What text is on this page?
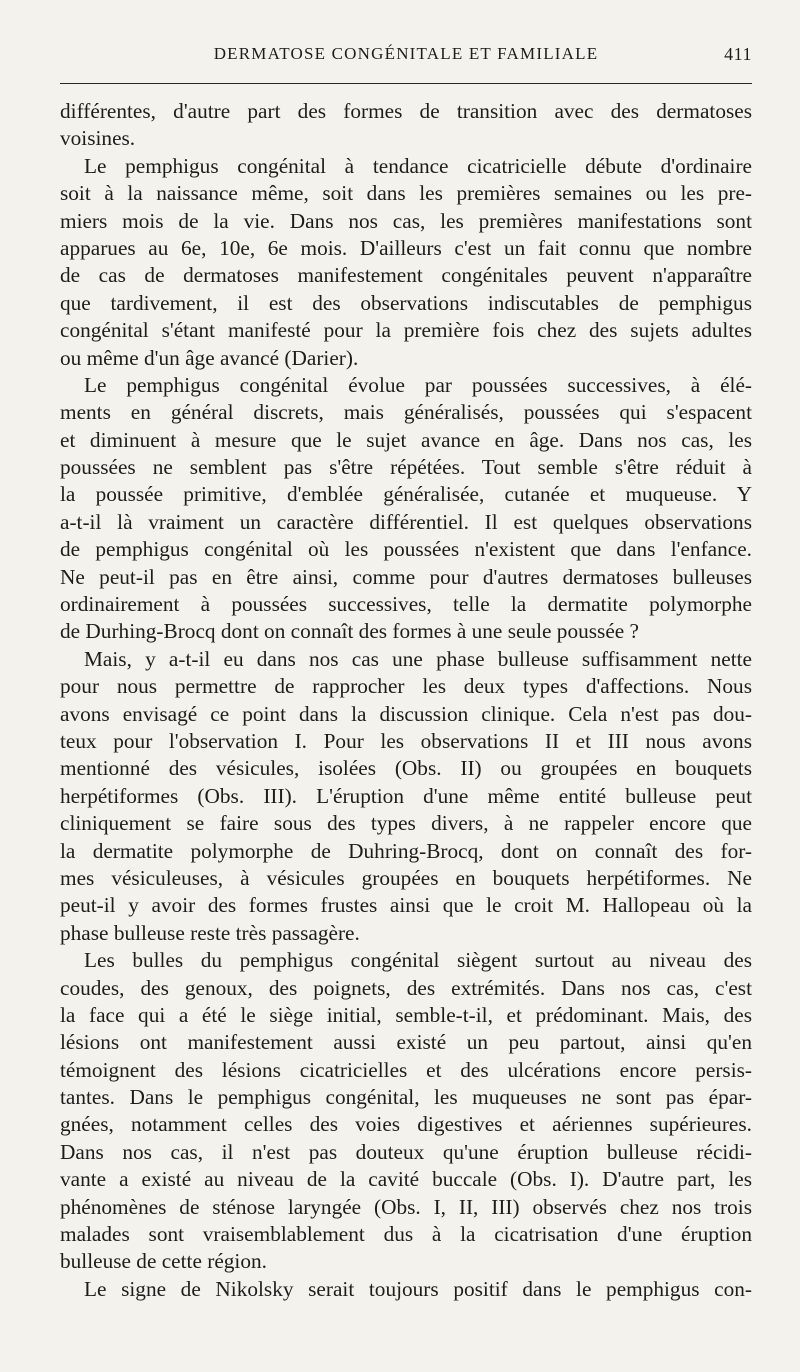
DERMATOSE CONGÉNITALE ET FAMILIALE	411
différentes, d'autre part des formes de transition avec des dermatoses
voisines.
Le pemphigus congénital à tendance cicatricielle débute d'ordinaire
soit à la naissance même, soit dans les premières semaines ou les pre-
miers mois de la vie. Dans nos cas, les premières manifestations sont
apparues au 6e, 10e, 6e mois. D'ailleurs c'est un fait connu que nombre
de cas de dermatoses manifestement congénitales peuvent n'apparaître
que tardivement, il est des observations indiscutables de pemphigus
congénital s'étant manifesté pour la première fois chez des sujets adultes
ou même d'un âge avancé (Darier).
Le pemphigus congénital évolue par poussées successives, à élé-
ments en général discrets, mais généralisés, poussées qui s'espacent
et diminuent à mesure que le sujet avance en âge. Dans nos cas, les
poussées ne semblent pas s'être répétées. Tout semble s'être réduit à
la poussée primitive, d'emblée généralisée, cutanée et muqueuse. Y
a-t-il là vraiment un caractère différentiel. Il est quelques observations
de pemphigus congénital où les poussées n'existent que dans l'enfance.
Ne peut-il pas en être ainsi, comme pour d'autres dermatoses bulleuses
ordinairement à poussées successives, telle la dermatite polymorphe
de Durhing-Brocq dont on connaît des formes à une seule poussée ?
Mais, y a-t-il eu dans nos cas une phase bulleuse suffisamment nette
pour nous permettre de rapprocher les deux types d'affections. Nous
avons envisagé ce point dans la discussion clinique. Cela n'est pas dou-
teux pour l'observation I. Pour les observations II et III nous avons
mentionné des vésicules, isolées (Obs. II) ou groupées en bouquets
herpétiformes (Obs. III). L'éruption d'une même entité bulleuse peut
cliniquement se faire sous des types divers, à ne rappeler encore que
la dermatite polymorphe de Duhring-Brocq, dont on connaît des for-
mes vésiculeuses, à vésicules groupées en bouquets herpétiformes. Ne
peut-il y avoir des formes frustes ainsi que le croit M. Hallopeau où la
phase bulleuse reste très passagère.
Les bulles du pemphigus congénital siègent surtout au niveau des
coudes, des genoux, des poignets, des extrémités. Dans nos cas, c'est
la face qui a été le siège initial, semble-t-il, et prédominant. Mais, des
lésions ont manifestement aussi existé un peu partout, ainsi qu'en
témoignent des lésions cicatricielles et des ulcérations encore persis-
tantes. Dans le pemphigus congénital, les muqueuses ne sont pas épar-
gnées, notamment celles des voies digestives et aériennes supérieures.
Dans nos cas, il n'est pas douteux qu'une éruption bulleuse récidi-
vante a existé au niveau de la cavité buccale (Obs. I). D'autre part, les
phénomènes de sténose laryngée (Obs. I, II, III) observés chez nos trois
malades sont vraisemblablement dus à la cicatrisation d'une éruption
bulleuse de cette région.
Le signe de Nikolsky serait toujours positif dans le pemphigus con-
